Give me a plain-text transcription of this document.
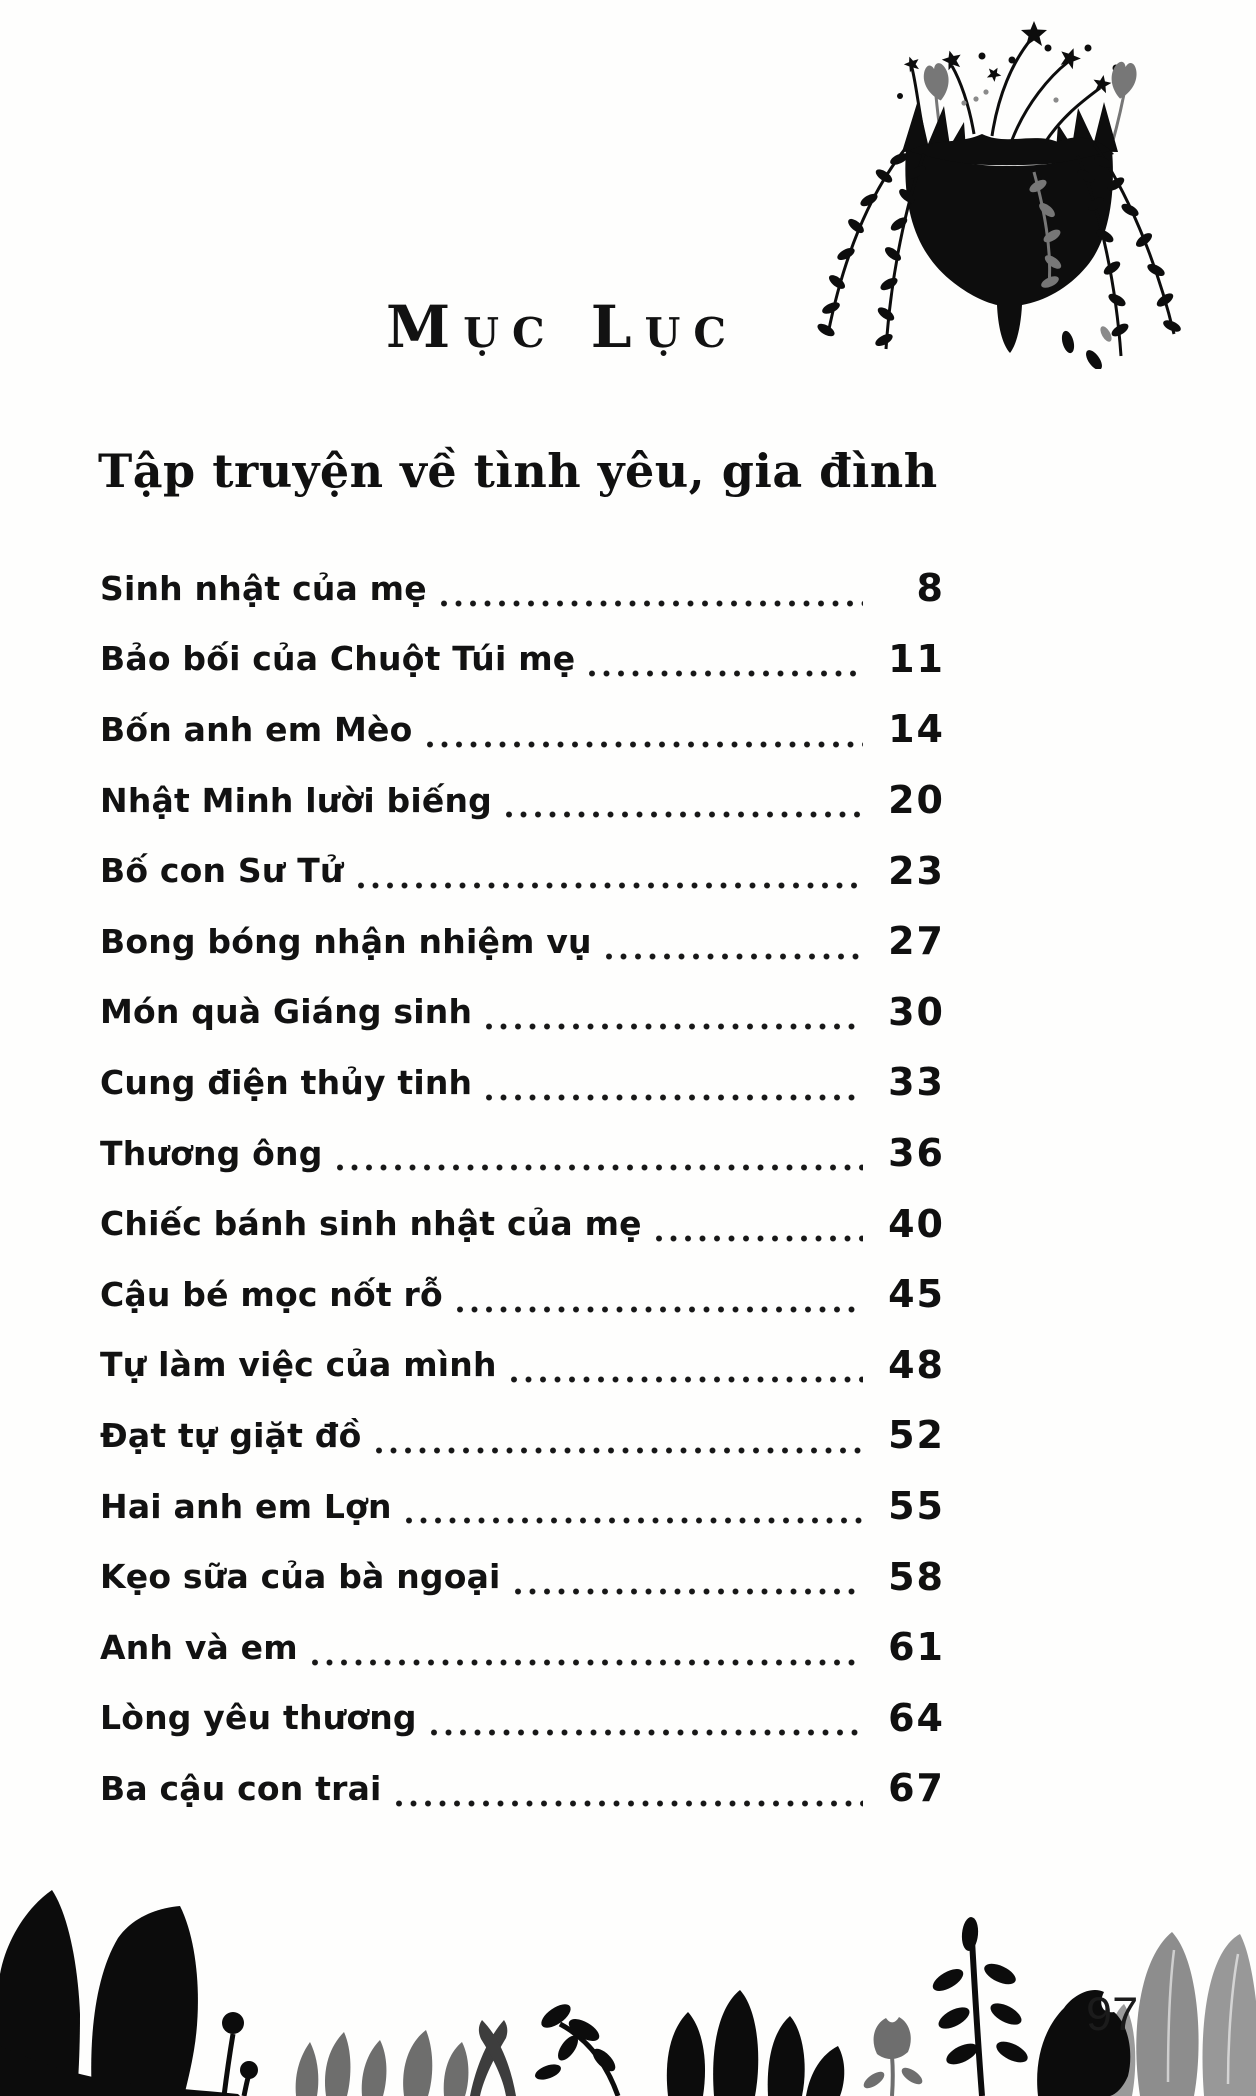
Mục Lục
Tập truyện về tình yêu, gia đình
Sinh nhật của mẹ	8
Bảo bối của Chuột Túi mẹ	11
Bốn anh em Mèo	14
Nhật Minh lười biếng	20
Bố con Sư Tử	23
Bong bóng nhận nhiệm vụ	27
Món quà Giáng sinh	30
Cung điện thủy tinh	33
Thương ông	36
Chiếc bánh sinh nhật của mẹ	40
Cậu bé mọc nốt rỗ	45
Tự làm việc của mình	48
Đạt tự giặt đồ	52
Hai anh em Lợn	55
Kẹo sữa của bà ngoại	58
Anh và em	61
Lòng yêu thương	64
Ba cậu con trai	67
97
